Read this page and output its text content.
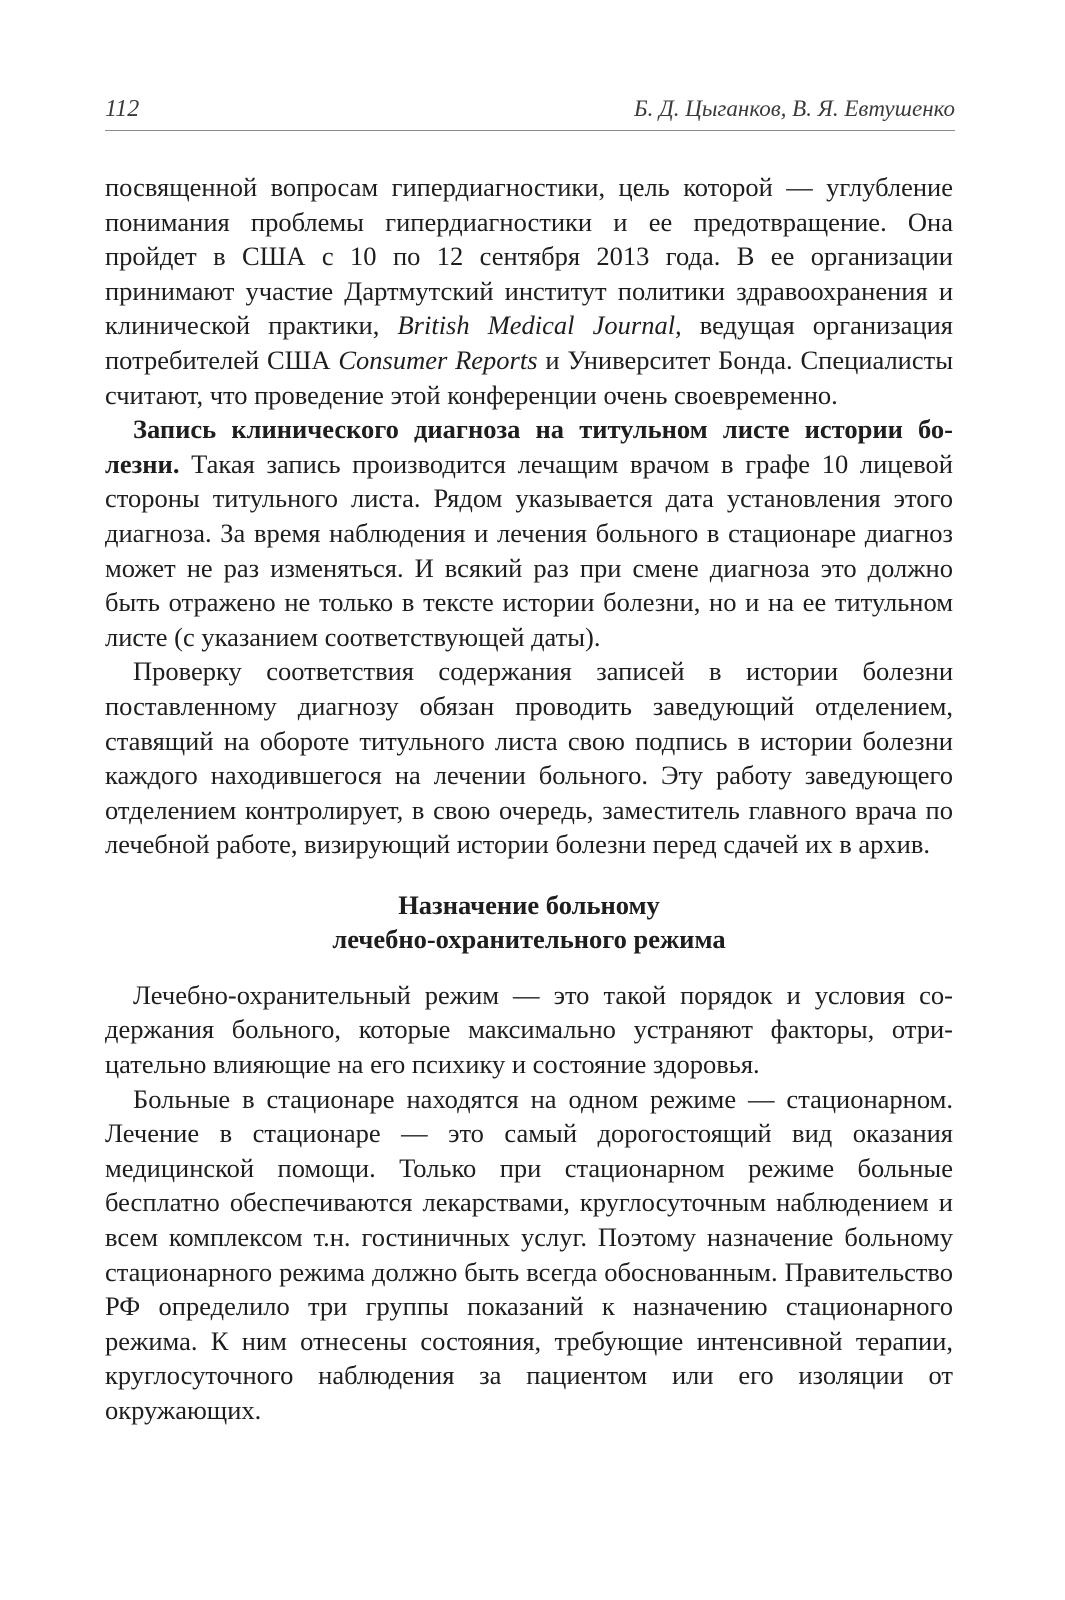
112	Б. Д. Цыганков, В. Я. Евтушенко

посвященной вопросам гипердиагностики, цель которой — углубление понимания проблемы гипердиагностики и ее предотвращение. Она пройдет в США с 10 по 12 сентября 2013 года. В ее организации принимают участие Дартмутский институт политики здравоохранения и клинической практики, British Medical Journal, ведущая организация потребителей США Consumer Reports и Университет Бонда. Специалисты считают, что проведение этой конференции очень своевременно.

Запись клинического диагноза на титульном листе истории болезни. Такая запись производится лечащим врачом в графе 10 лицевой стороны титульного листа. Рядом указывается дата установления этого диагноза. За время наблюдения и лечения больного в стационаре диагноз может не раз изменяться. И всякий раз при смене диагноза это должно быть отражено не только в тексте истории болезни, но и на ее титульном листе (с указанием соответствующей даты).

Проверку соответствия содержания записей в истории болезни поставленному диагнозу обязан проводить заведующий отделением, ставящий на обороте титульного листа свою подпись в истории болезни каждого находившегося на лечении больного. Эту работу заведующего отделением контролирует, в свою очередь, заместитель главного врача по лечебной работе, визирующий истории болезни перед сдачей их в архив.

Назначение больному
лечебно-охранительного режима

Лечебно-охранительный режим — это такой порядок и условия содержания больного, которые максимально устраняют факторы, отрицательно влияющие на его психику и состояние здоровья.

Больные в стационаре находятся на одном режиме — стационарном. Лечение в стационаре — это самый дорогостоящий вид оказания медицинской помощи. Только при стационарном режиме больные бесплатно обеспечиваются лекарствами, круглосуточным наблюдением и всем комплексом т.н. гостиничных услуг. Поэтому назначение больному стационарного режима должно быть всегда обоснованным. Правительство РФ определило три группы показаний к назначению стационарного режима. К ним отнесены состояния, требующие интенсивной терапии, круглосуточного наблюдения за пациентом или его изоляции от окружающих.
